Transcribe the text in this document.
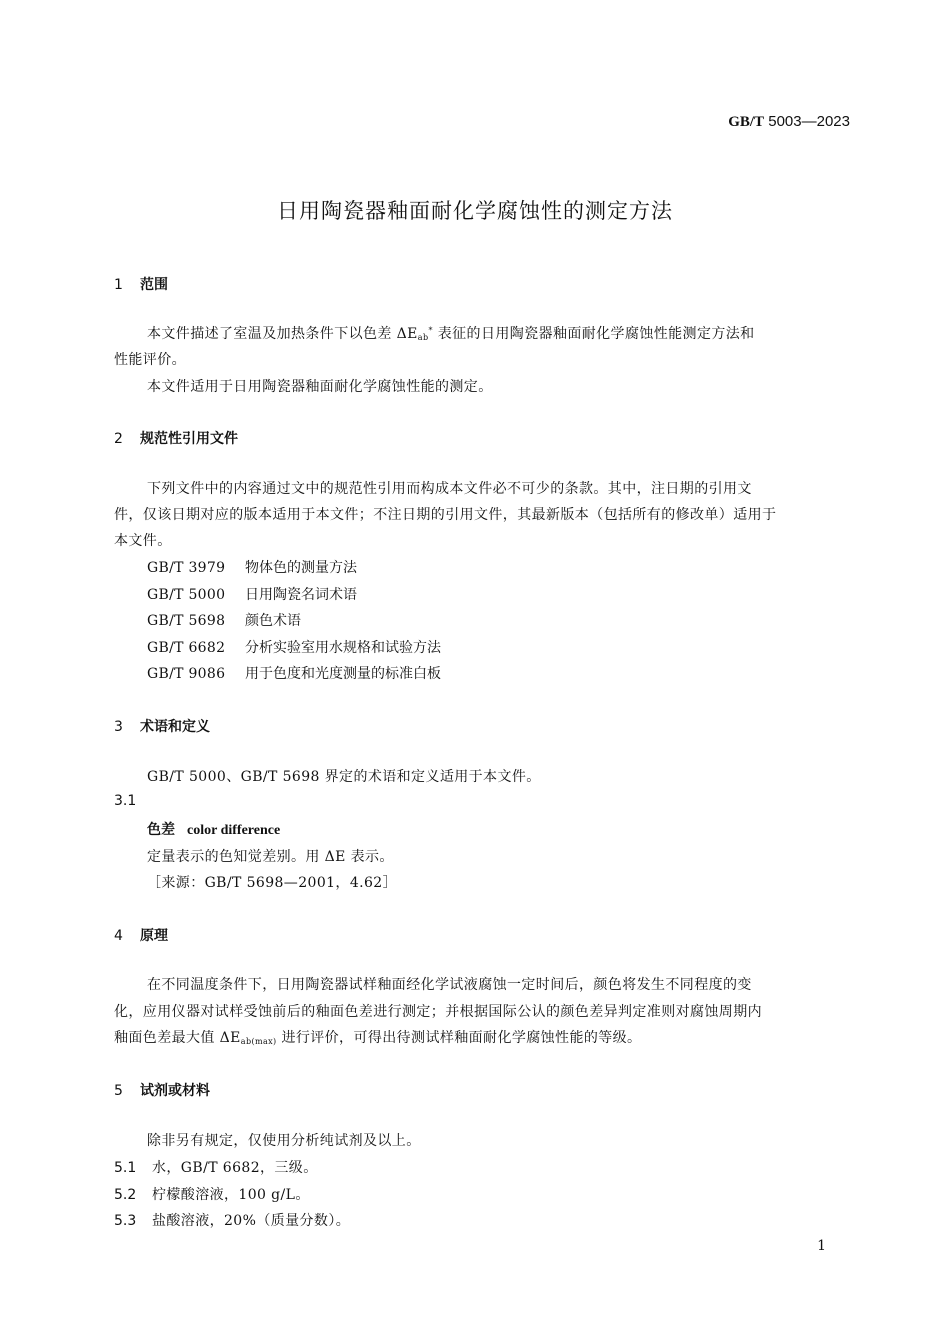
GB/T 5003—2023
日用陶瓷器釉面耐化学腐蚀性的测定方法
1 范围
本文件描述了室温及加热条件下以色差 $\Delta E_{ab}^*$ 表征的日用陶瓷器釉面耐化学腐蚀性能测定方法和
性能评价。
本文件适用于日用陶瓷器釉面耐化学腐蚀性能的测定。
2 规范性引用文件
下列文件中的内容通过文中的规范性引用而构成本文件必不可少的条款。其中，注日期的引用文
件，仅该日期对应的版本适用于本文件；不注日期的引用文件，其最新版本（包括所有的修改单）适用于
本文件。
GB/T 3979 物体色的测量方法
GB/T 5000 日用陶瓷名词术语
GB/T 5698 颜色术语
GB/T 6682 分析实验室用水规格和试验方法
GB/T 9086 用于色度和光度测量的标准白板
3 术语和定义
GB/T 5000、GB/T 5698 界定的术语和定义适用于本文件。
3.1
色差 color difference
定量表示的色知觉差别。用 ΔE 表示。
［来源：GB/T 5698—2001，4.62］
4 原理
在不同温度条件下，日用陶瓷器试样釉面经化学试液腐蚀一定时间后，颜色将发生不同程度的变
化，应用仪器对试样受蚀前后的釉面色差进行测定；并根据国际公认的颜色差异判定准则对腐蚀周期内
釉面色差最大值 $\Delta E_{ab(max)}$ 进行评价，可得出待测试样釉面耐化学腐蚀性能的等级。
5 试剂或材料
除非另有规定，仅使用分析纯试剂及以上。
5.1 水，GB/T 6682，三级。
5.2 柠檬酸溶液，100 g/L。
5.3 盐酸溶液，20%（质量分数）。
1
